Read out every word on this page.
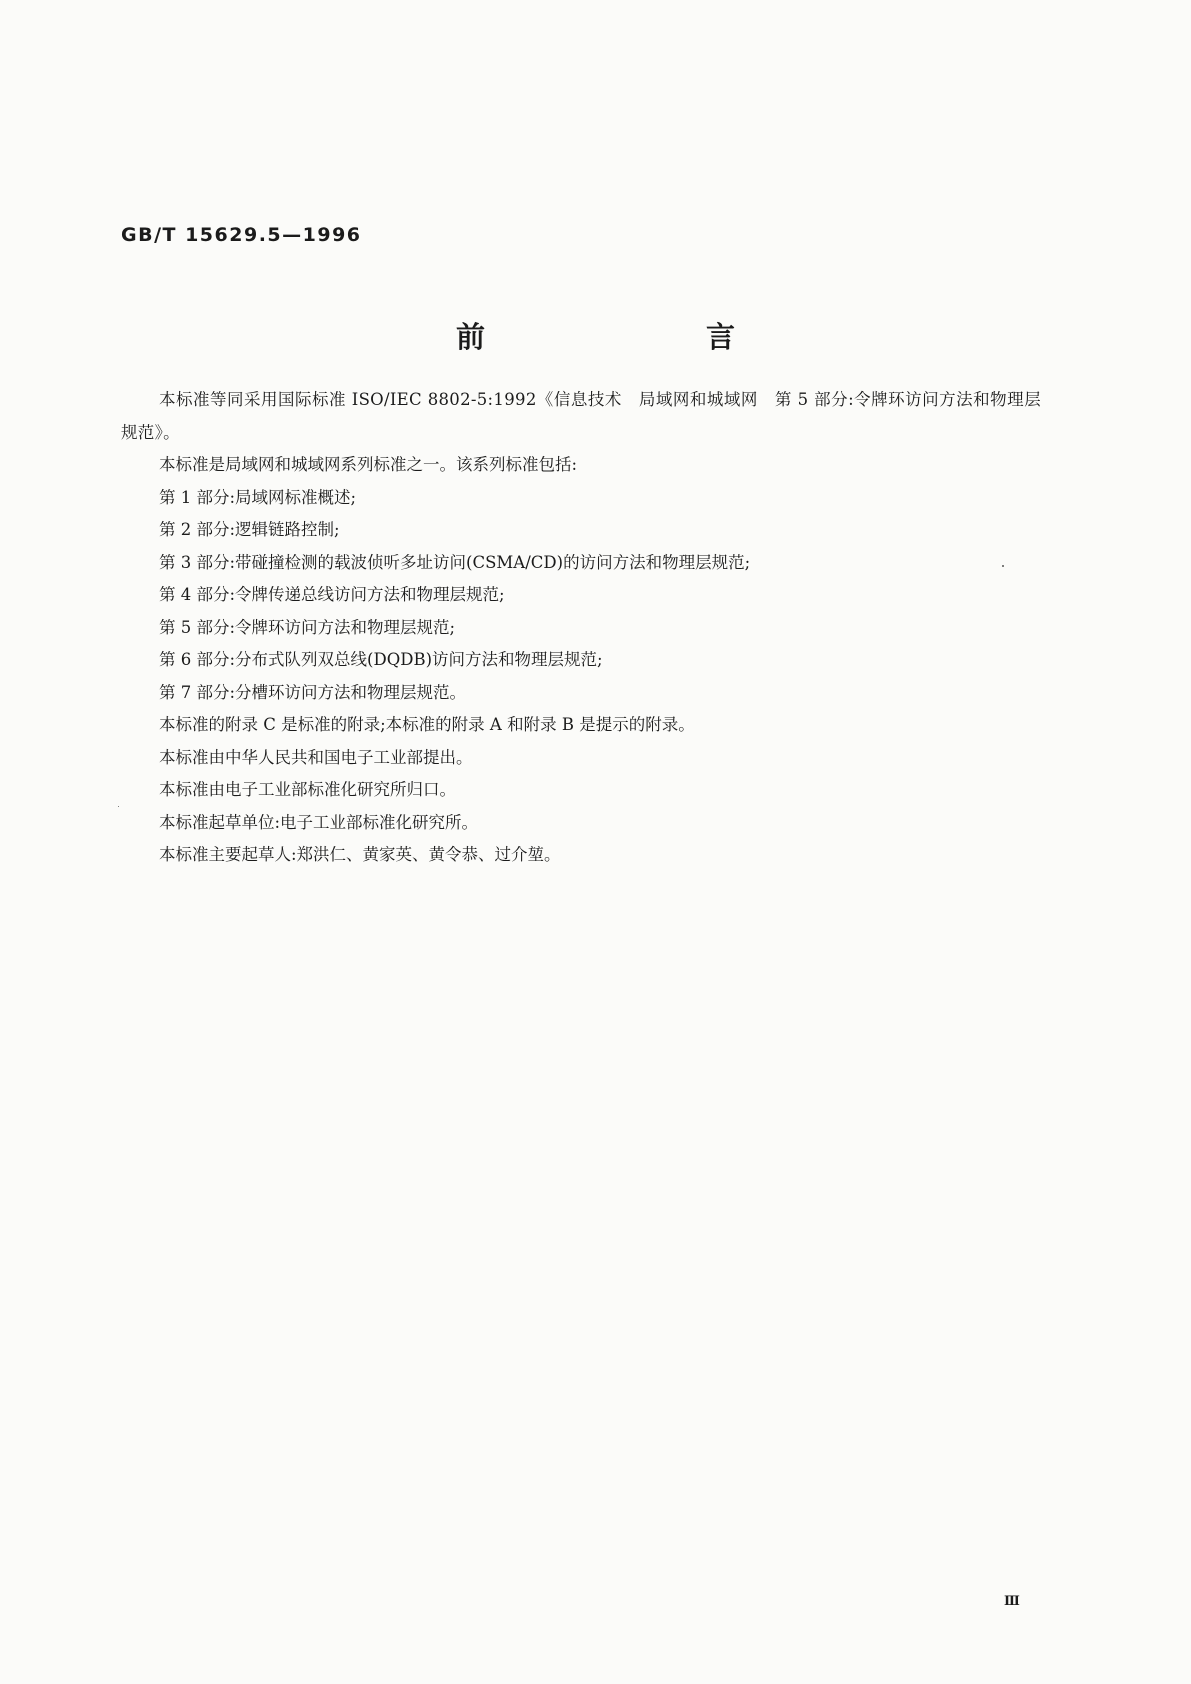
GB/T 15629.5—1996
前　言

本标准等同采用国际标准 ISO/IEC 8802-5:1992《信息技术　局域网和城域网　第 5 部分:令牌环访问方法和物理层规范》。

本标准是局域网和城域网系列标准之一。该系列标准包括:

第 1 部分:局域网标准概述;

第 2 部分:逻辑链路控制;

第 3 部分:带碰撞检测的载波侦听多址访问(CSMA/CD)的访问方法和物理层规范;

第 4 部分:令牌传递总线访问方法和物理层规范;

第 5 部分:令牌环访问方法和物理层规范;

第 6 部分:分布式队列双总线(DQDB)访问方法和物理层规范;

第 7 部分:分槽环访问方法和物理层规范。

本标准的附录 C 是标准的附录;本标准的附录 A 和附录 B 是提示的附录。

本标准由中华人民共和国电子工业部提出。

本标准由电子工业部标准化研究所归口。

本标准起草单位:电子工业部标准化研究所。

本标准主要起草人:郑洪仁、黄家英、黄令恭、过介堃。

Ⅲ
